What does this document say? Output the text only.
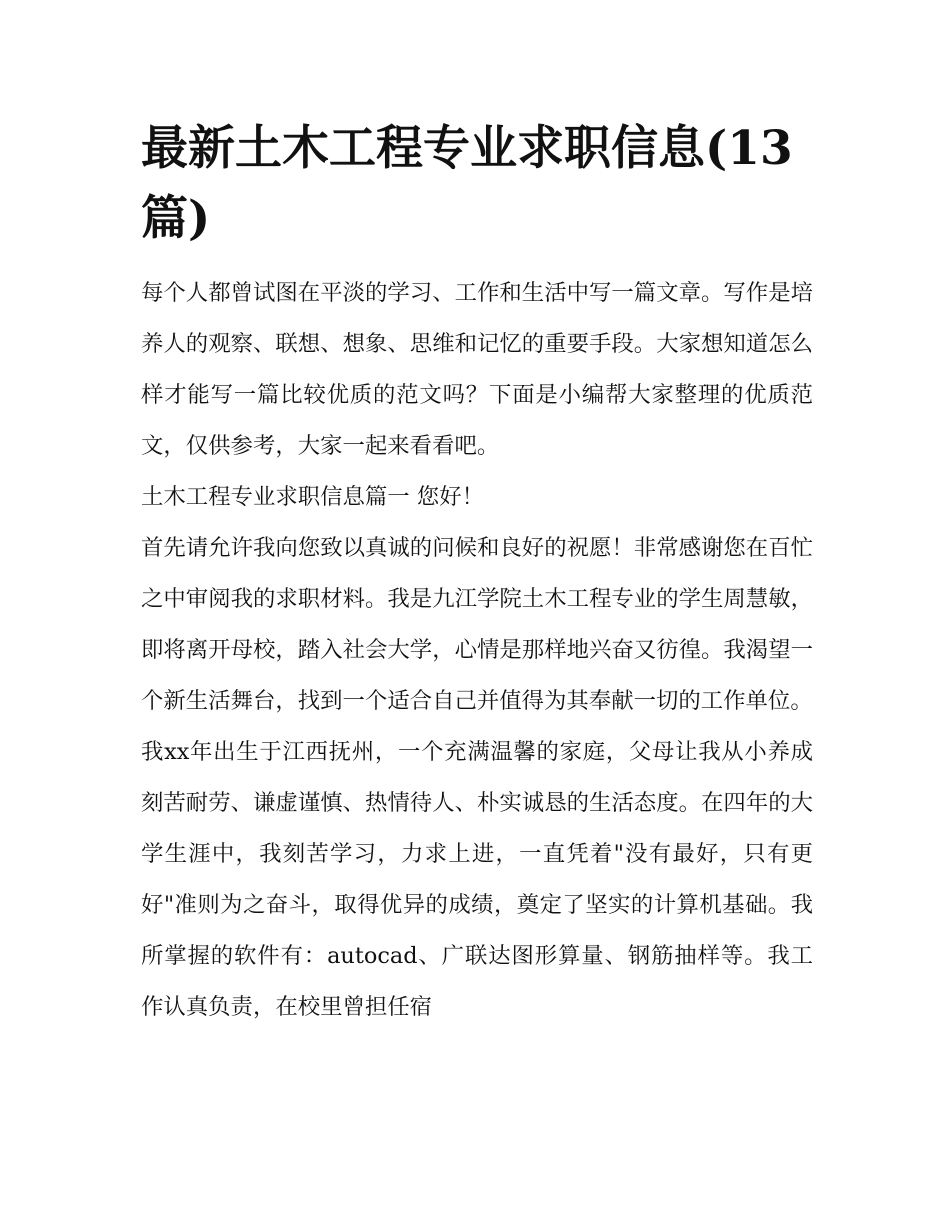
最新土木工程专业求职信息(13篇)

每个人都曾试图在平淡的学习、工作和生活中写一篇文章。写作是培养人的观察、联想、想象、思维和记忆的重要手段。大家想知道怎么样才能写一篇比较优质的范文吗？下面是小编帮大家整理的优质范文，仅供参考，大家一起来看看吧。

土木工程专业求职信息篇一 您好！

首先请允许我向您致以真诚的问候和良好的祝愿！非常感谢您在百忙之中审阅我的求职材料。我是九江学院土木工程专业的学生周慧敏，即将离开母校，踏入社会大学，心情是那样地兴奋又彷徨。我渴望一个新生活舞台，找到一个适合自己并值得为其奉献一切的工作单位。

我xx年出生于江西抚州，一个充满温馨的家庭，父母让我从小养成刻苦耐劳、谦虚谨慎、热情待人、朴实诚恳的生活态度。在四年的大学生涯中，我刻苦学习，力求上进，一直凭着"没有最好，只有更好"准则为之奋斗，取得优异的成绩，奠定了坚实的计算机基础。我所掌握的软件有：autocad、广联达图形算量、钢筋抽样等。我工作认真负责，在校里曾担任宿
